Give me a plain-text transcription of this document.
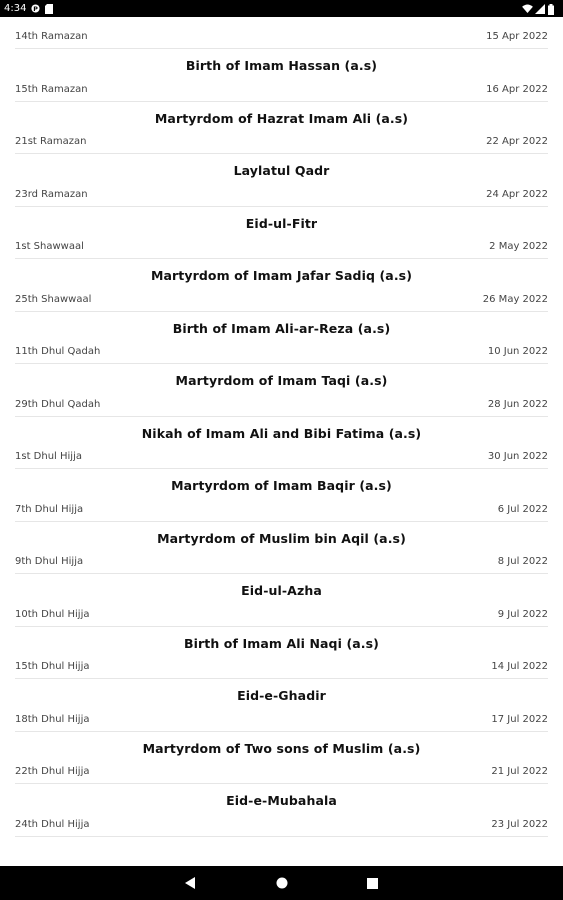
4:34 P
14th Ramazan	15 Apr 2022
Birth of Imam Hassan (a.s)
15th Ramazan	16 Apr 2022
Martyrdom of Hazrat Imam Ali (a.s)
21st Ramazan	22 Apr 2022
Laylatul Qadr
23rd Ramazan	24 Apr 2022
Eid-ul-Fitr
1st Shawwaal	2 May 2022
Martyrdom of Imam Jafar Sadiq (a.s)
25th Shawwaal	26 May 2022
Birth of Imam Ali-ar-Reza (a.s)
11th Dhul Qadah	10 Jun 2022
Martyrdom of Imam Taqi (a.s)
29th Dhul Qadah	28 Jun 2022
Nikah of Imam Ali and Bibi Fatima (a.s)
1st Dhul Hijja	30 Jun 2022
Martyrdom of Imam Baqir (a.s)
7th Dhul Hijja	6 Jul 2022
Martyrdom of Muslim bin Aqil (a.s)
9th Dhul Hijja	8 Jul 2022
Eid-ul-Azha
10th Dhul Hijja	9 Jul 2022
Birth of Imam Ali Naqi (a.s)
15th Dhul Hijja	14 Jul 2022
Eid-e-Ghadir
18th Dhul Hijja	17 Jul 2022
Martyrdom of Two sons of Muslim (a.s)
22th Dhul Hijja	21 Jul 2022
Eid-e-Mubahala
24th Dhul Hijja	23 Jul 2022
